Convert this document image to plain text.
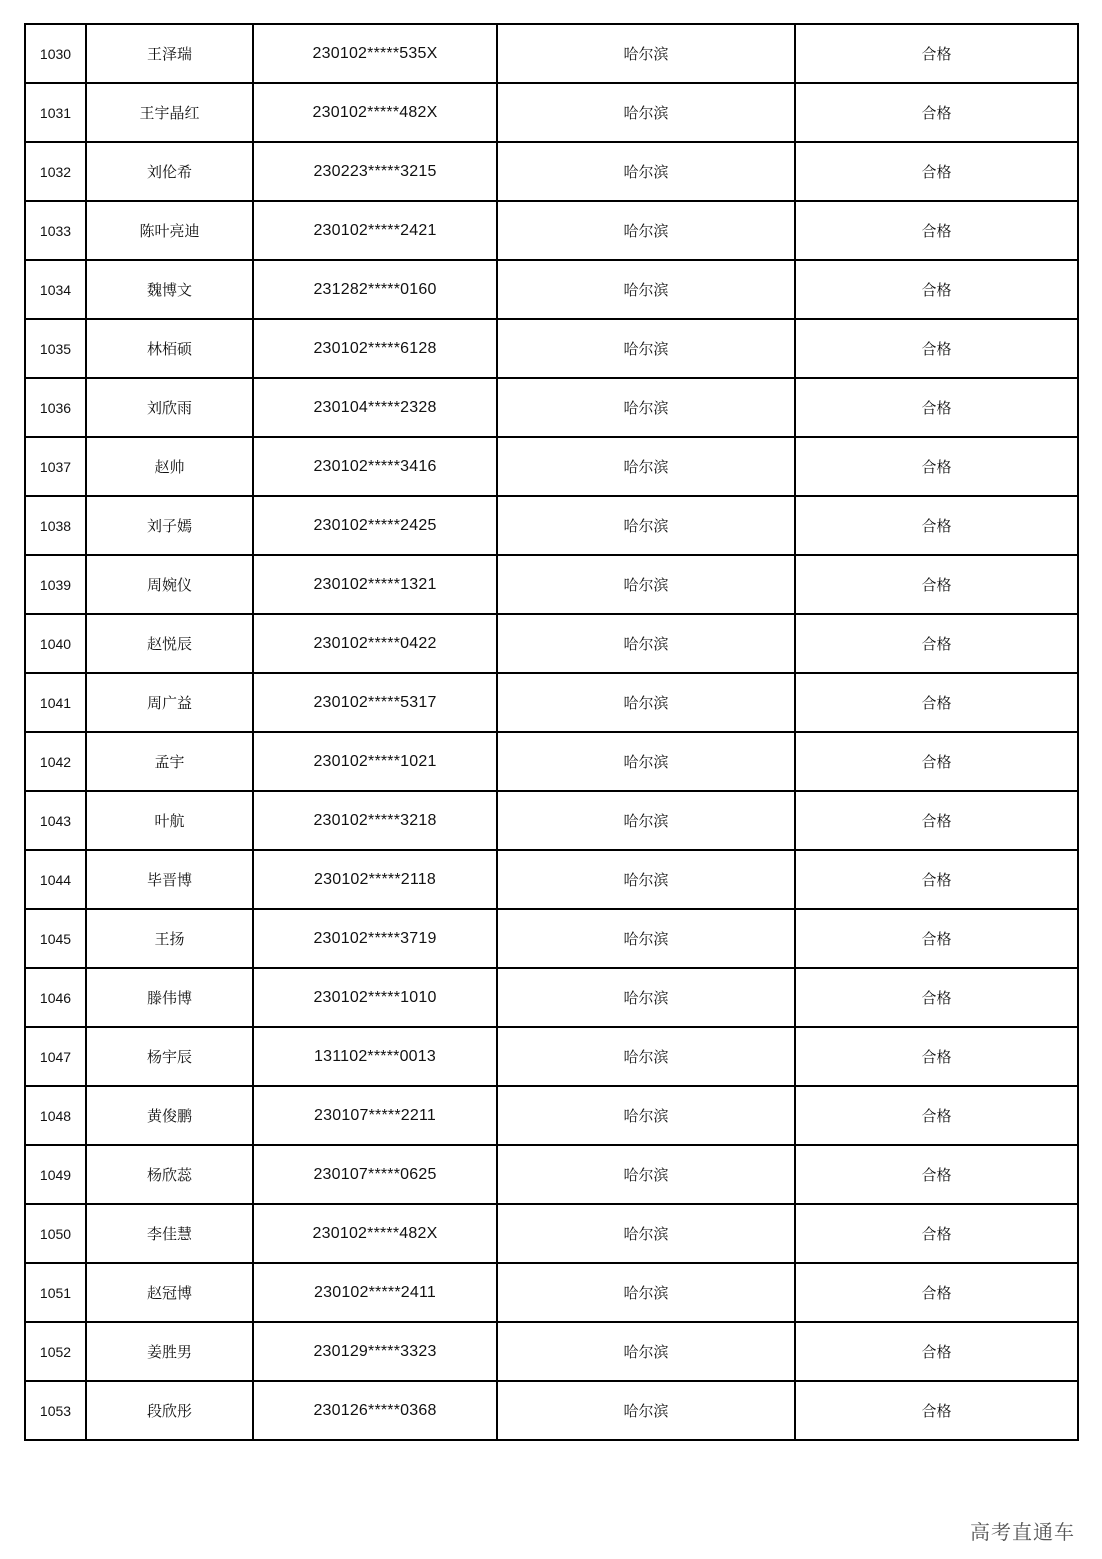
1030	王泽瑞	230102*****535X	哈尔滨	合格
1031	王宇晶红	230102*****482X	哈尔滨	合格
1032	刘伦希	230223*****3215	哈尔滨	合格
1033	陈叶亮迪	230102*****2421	哈尔滨	合格
1034	魏博文	231282*****0160	哈尔滨	合格
1035	林栢硕	230102*****6128	哈尔滨	合格
1036	刘欣雨	230104*****2328	哈尔滨	合格
1037	赵帅	230102*****3416	哈尔滨	合格
1038	刘子嫣	230102*****2425	哈尔滨	合格
1039	周婉仪	230102*****1321	哈尔滨	合格
1040	赵悦辰	230102*****0422	哈尔滨	合格
1041	周广益	230102*****5317	哈尔滨	合格
1042	孟宇	230102*****1021	哈尔滨	合格
1043	叶航	230102*****3218	哈尔滨	合格
1044	毕晋博	230102*****2118	哈尔滨	合格
1045	王扬	230102*****3719	哈尔滨	合格
1046	滕伟博	230102*****1010	哈尔滨	合格
1047	杨宇辰	131102*****0013	哈尔滨	合格
1048	黄俊鹏	230107*****2211	哈尔滨	合格
1049	杨欣蕊	230107*****0625	哈尔滨	合格
1050	李佳慧	230102*****482X	哈尔滨	合格
1051	赵冠博	230102*****2411	哈尔滨	合格
1052	姜胜男	230129*****3323	哈尔滨	合格
1053	段欣彤	230126*****0368	哈尔滨	合格
高考直通车
